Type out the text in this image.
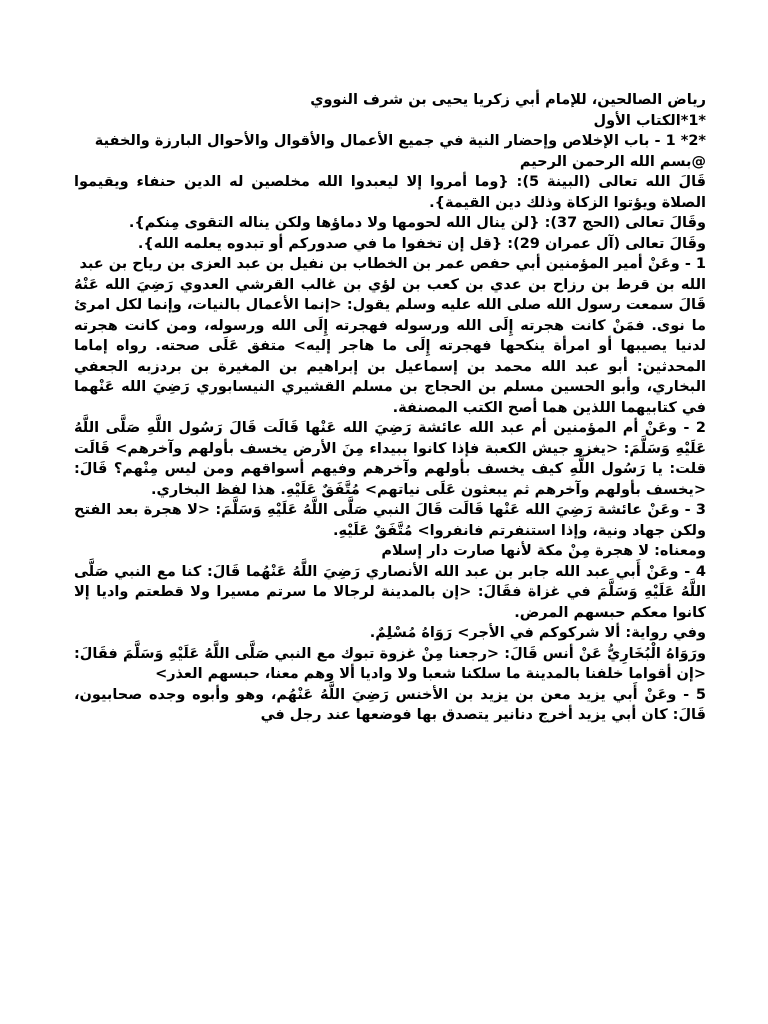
رياض الصالحين، للإمام أبي زكريا يحيى بن شرف النووي

*1*الكتاب الأول

*2* 1 - باب الإخلاص وإحضار النية في جميع الأعمال والأقوال والأحوال البارزة والخفية

@بسم الله الرحمن الرحيم

قَالَ الله تعالى (البينة 5): {وما أمروا إلا ليعبدوا الله مخلصين له الدين حنفاء ويقيموا الصلاة ويؤتوا الزكاة وذلك دين القيمة}.

وقَالَ تعالى (الحج 37): {لن ينال الله لحومها ولا دماؤها ولكن يناله التقوى مِنكم}.

وقَالَ تعالى (آل عمران 29): {قل إن تخفوا ما في صدوركم أو تبدوه يعلمه الله}.

1 - وعَنْ أمير المؤمنين أبي حفص عمر بن الخطاب بن نفيل بن عبد العزى بن رياح بن عبد

الله بن قرط بن رزاح بن عدي بن كعب بن لؤي بن غالب القرشي العدوي رَضِيَ الله عَنْهُ قَالَ سمعت رسول الله صلى الله عليه وسلم يقول: <إنما الأعمال بالنيات، وإنما لكل امرئ ما نوى. فمَنْ كانت هجرته إِلَى الله ورسوله فهجرته إِلَى الله ورسوله، ومن كانت هجرته لدنيا يصيبها أو امرأة ينكحها فهجرته إِلَى ما هاجر إليه> متفق عَلَى صحته. رواه إماما المحدثين: أبو عبد الله محمد بن إسماعيل بن إبراهيم بن المغيرة بن بردزبه الجعفي البخاري، وأبو الحسين مسلم بن الحجاج بن مسلم القشيري النيسابوري رَضِيَ الله عَنْهما في كتابيهما اللذين هما أصح الكتب المصنفة.

2 - وعَنْ أم المؤمنين أم عبد الله عائشة رَضِيَ الله عَنْها قَالَت قَالَ رَسُول اللَّهِ صَلَّى اللَّهُ عَلَيْهِ وَسَلَّمَ: <يغزو جيش الكعبة فإذا كانوا ببيداء مِنَ الأرض يخسف بأولهم وآخرهم> قَالَت قلت: يا رَسُول اللَّهِ كيف يخسف بأولهم وآخرهم وفيهم أسواقهم ومن ليس مِنْهم؟ قَالَ: <يخسف بأولهم وآخرهم ثم يبعثون عَلَى نياتهم> مُتَّفَقٌ عَلَيْهِ. هذا لفظ البخاري.

3 - وعَنْ عائشة رَضِيَ الله عَنْها قَالَت قَالَ النبي صَلَّى اللَّهُ عَلَيْهِ وَسَلَّمَ: <لا هجرة بعد الفتح ولكن جهاد ونية، وإذا استنفرتم فانفروا> مُتَّفَقٌ عَلَيْهِ.

ومعناه: لا هجرة مِنْ مكة لأنها صارت دار إسلام

4 - وعَنْ أَبي عبد الله جابر بن عبد الله الأنصاري رَضِيَ اللَّهُ عَنْهُما قَالَ: كنا مع النبي صَلَّى اللَّهُ عَلَيْهِ وَسَلَّمَ في غزاة فقَالَ: <إن بالمدينة لرجالا ما سرتم مسيرا ولا قطعتم واديا إلا كانوا معكم حبسهم المرض.

وفي رواية: ألا شركوكم في الأجر> رَوَاهُ مُسْلِمٌ.

ورَوَاهُ الْبُخَارِيُّ عَنْ أنس قَالَ: <رجعنا مِنْ غزوة تبوك مع النبي صَلَّى اللَّهُ عَلَيْهِ وَسَلَّمَ فقَالَ: <إن أقواما خلفنا بالمدينة ما سلكنا شعبا ولا واديا ألا وهم معنا، حبسهم العذر>

5 - وعَنْ أَبي يزيد معن بن يزيد بن الأخنس رَضِيَ اللَّهُ عَنْهُم، وهو وأبوه وجده صحابيون، قَالَ: كان أبي يزيد أخرج دنانير يتصدق بها فوضعها عند رجل في
